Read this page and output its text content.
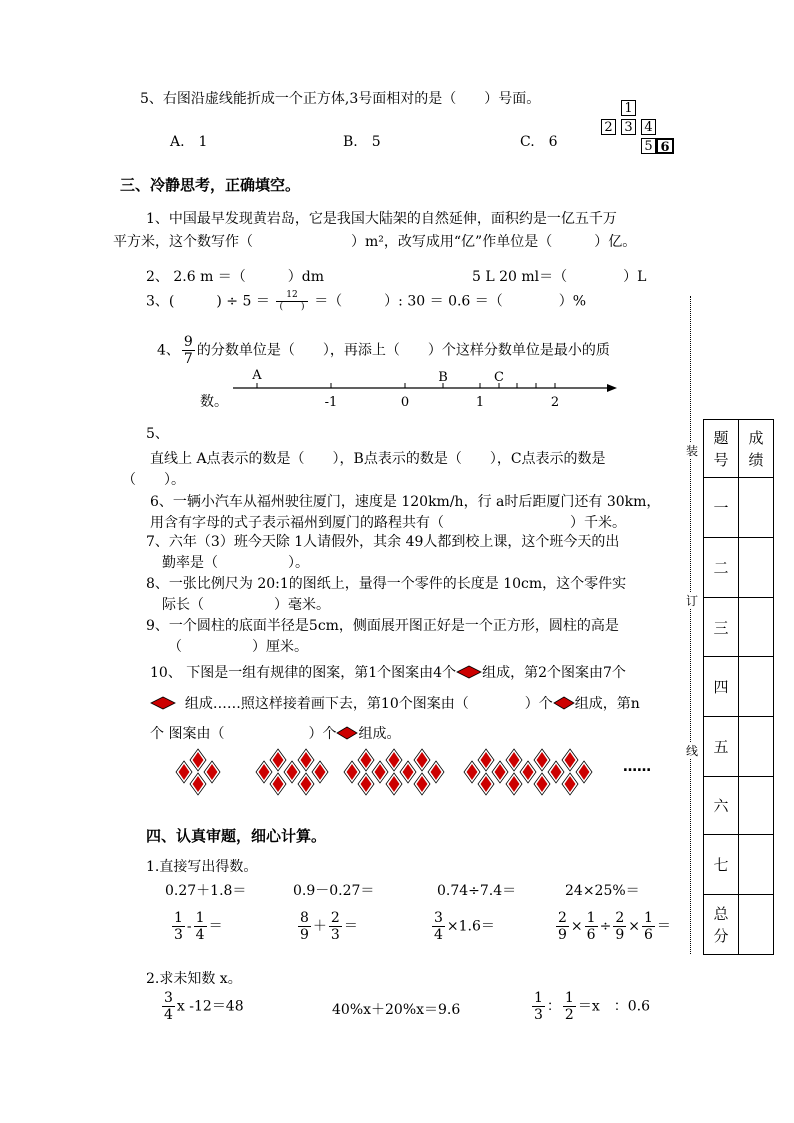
5、右图沿虚线能折成一个正方体,3号面相对的是（　　）号面。
A.　1	B.　5	C.　6
1
2 3 4
5 6
三、冷静思考，正确填空。
1、中国最早发现黄岩岛，它是我国大陆架的自然延伸，面积约是一亿五千万
平方米，这个数写作（　　　　　　　）m²，改写成用“亿”作单位是（　　　）亿。
2、 2.6 m ＝（　　　）dm	5 L 20 ml＝（　　　　）L
3、(　　　) ÷ $5 = \frac{12}{( )}$ ＝（　　　）: 30 ＝ 0.6 ＝（　　　　）%
4、 $\frac{9}{7}$ 的分数单位是（　　），再添上（　　）个这样分数单位是最小的质
数。
A	B	C
-1	0	1	2
5、
直线上 A点表示的数是（　　），B点表示的数是（　　），C点表示的数是
（　　）。
6、一辆小汽车从福州驶往厦门，速度是 120km/h，行 a时后距厦门还有 30km，
用含有字母的式子表示福州到厦门的路程共有（　　　　　　　　　）千米。
7、六年（3）班今天除 1人请假外，其余 49人都到校上课，这个班今天的出
勤率是（　　　　　）。
8、一张比例尺为 20:1的图纸上，量得一个零件的长度是 10cm，这个零件实
际长（　　　　　）毫米。
9、一个圆柱的底面半径是5cm，侧面展开图正好是一个正方形，圆柱的高是
（　　　　　）厘米。
10、 下图是一组有规律的图案，第1个图案由4个 组成，第2个图案由7个
组成……照这样接着画下去，第10个图案由（　　　　）个 组成，第n
个 图案由（　　　　　　）个 组成。
……
四、认真审题，细心计算。
1.直接写出得数。
0.27＋1.8＝	0.9－0.27＝	0.74÷7.4＝	24×25%＝
$\frac{1}{3} - \frac{1}{4}$ ＝	$\frac{8}{9} + \frac{2}{3}$ ＝	$\frac{3}{4} \times 1.6=$	$\frac{2}{9} \times \frac{1}{6} \div \frac{2}{9} \times \frac{1}{6}$ ＝
2.求未知数 x。
$\frac{3}{4}$ x -12＝48	40%x＋20%x＝9.6	$\frac{1}{3}$ ： $\frac{1}{2} =x$　：0.6
装
订
线
题号	成绩
一	
二	
三	
四	
五	
六	
七	
总分	
